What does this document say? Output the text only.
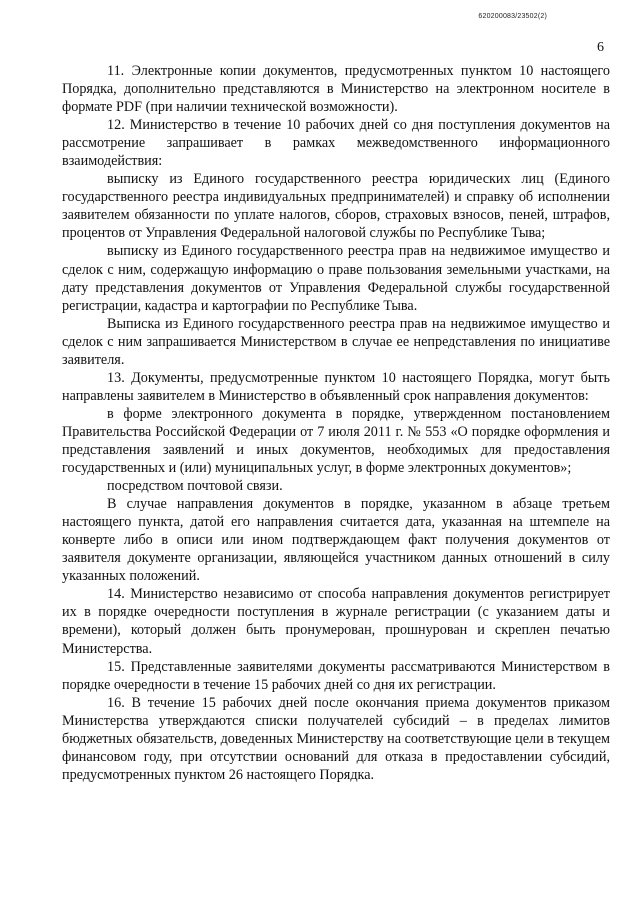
620200083/23502(2)
6

11. Электронные копии документов, предусмотренных пунктом 10 настоящего Порядка, дополнительно представляются в Министерство на электронном носителе в формате PDF (при наличии технической возможности).

12. Министерство в течение 10 рабочих дней со дня поступления документов на рассмотрение запрашивает в рамках межведомственного информационного взаимодействия:

выписку из Единого государственного реестра юридических лиц (Единого государственного реестра индивидуальных предпринимателей) и справку об исполнении заявителем обязанности по уплате налогов, сборов, страховых взносов, пеней, штрафов, процентов от Управления Федеральной налоговой службы по Республике Тыва;

выписку из Единого государственного реестра прав на недвижимое имущество и сделок с ним, содержащую информацию о праве пользования земельными участками, на дату представления документов от Управления Федеральной службы государственной регистрации, кадастра и картографии по Республике Тыва.

Выписка из Единого государственного реестра прав на недвижимое имущество и сделок с ним запрашивается Министерством в случае ее непредставления по инициативе заявителя.

13. Документы, предусмотренные пунктом 10 настоящего Порядка, могут быть направлены заявителем в Министерство в объявленный срок направления документов:

в форме электронного документа в порядке, утвержденном постановлением Правительства Российской Федерации от 7 июля 2011 г. № 553 «О порядке оформления и представления заявлений и иных документов, необходимых для предоставления государственных и (или) муниципальных услуг, в форме электронных документов»;

посредством почтовой связи.

В случае направления документов в порядке, указанном в абзаце третьем настоящего пункта, датой его направления считается дата, указанная на штемпеле на конверте либо в описи или ином подтверждающем факт получения документов от заявителя документе организации, являющейся участником данных отношений в силу указанных положений.

14. Министерство независимо от способа направления документов регистрирует их в порядке очередности поступления в журнале регистрации (с указанием даты и времени), который должен быть пронумерован, прошнурован и скреплен печатью Министерства.

15. Представленные заявителями документы рассматриваются Министерством в порядке очередности в течение 15 рабочих дней со дня их регистрации.

16. В течение 15 рабочих дней после окончания приема документов приказом Министерства утверждаются списки получателей субсидий – в пределах лимитов бюджетных обязательств, доведенных Министерству на соответствующие цели в текущем финансовом году, при отсутствии оснований для отказа в предоставлении субсидий, предусмотренных пунктом 26 настоящего Порядка.
